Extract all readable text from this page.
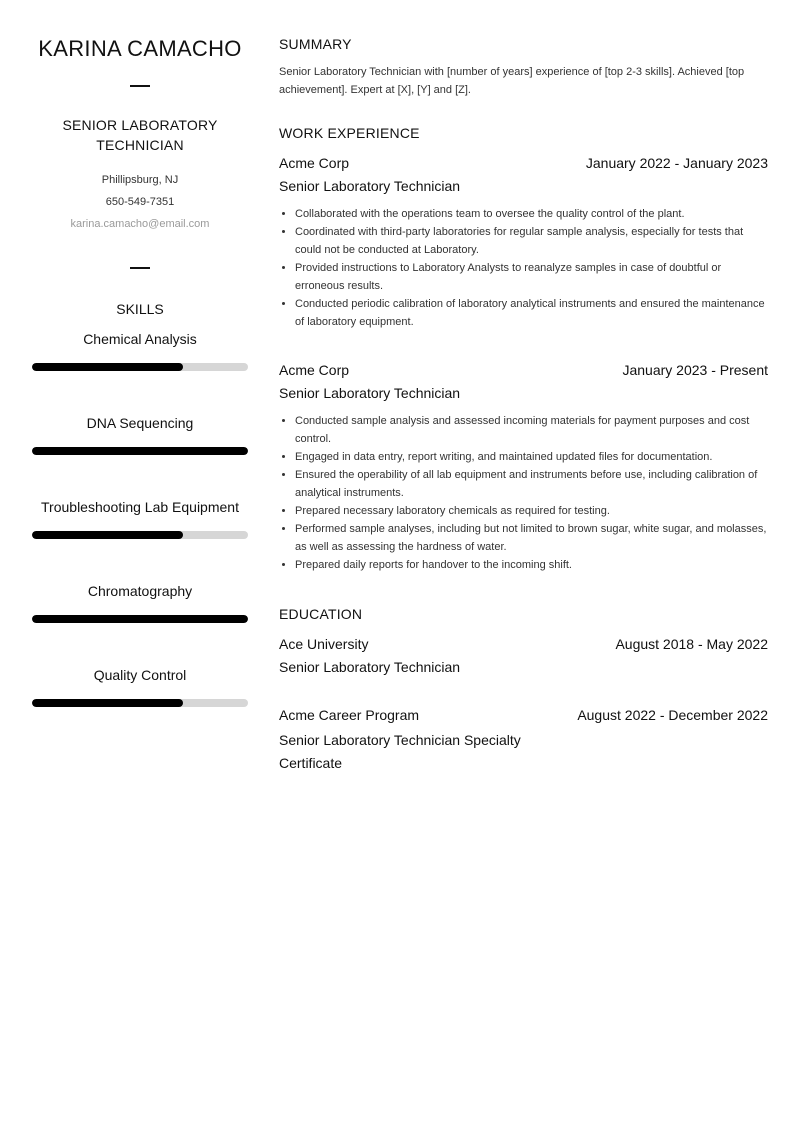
KARINA CAMACHO
SENIOR LABORATORY TECHNICIAN
Phillipsburg, NJ
650-549-7351
karina.camacho@email.com
SKILLS
Chemical Analysis
DNA Sequencing
Troubleshooting Lab Equipment
Chromatography
Quality Control
SUMMARY
Senior Laboratory Technician with [number of years] experience of [top 2-3 skills]. Achieved [top achievement]. Expert at [X], [Y] and [Z].
WORK EXPERIENCE
Acme Corp	January 2022 - January 2023
Senior Laboratory Technician
• Collaborated with the operations team to oversee the quality control of the plant.
• Coordinated with third-party laboratories for regular sample analysis, especially for tests that could not be conducted at Laboratory.
• Provided instructions to Laboratory Analysts to reanalyze samples in case of doubtful or erroneous results.
• Conducted periodic calibration of laboratory analytical instruments and ensured the maintenance of laboratory equipment.
Acme Corp	January 2023 - Present
Senior Laboratory Technician
• Conducted sample analysis and assessed incoming materials for payment purposes and cost control.
• Engaged in data entry, report writing, and maintained updated files for documentation.
• Ensured the operability of all lab equipment and instruments before use, including calibration of analytical instruments.
• Prepared necessary laboratory chemicals as required for testing.
• Performed sample analyses, including but not limited to brown sugar, white sugar, and molasses, as well as assessing the hardness of water.
• Prepared daily reports for handover to the incoming shift.
EDUCATION
Ace University	August 2018 - May 2022
Senior Laboratory Technician
Acme Career Program	August 2022 - December 2022
Senior Laboratory Technician Specialty Certificate
